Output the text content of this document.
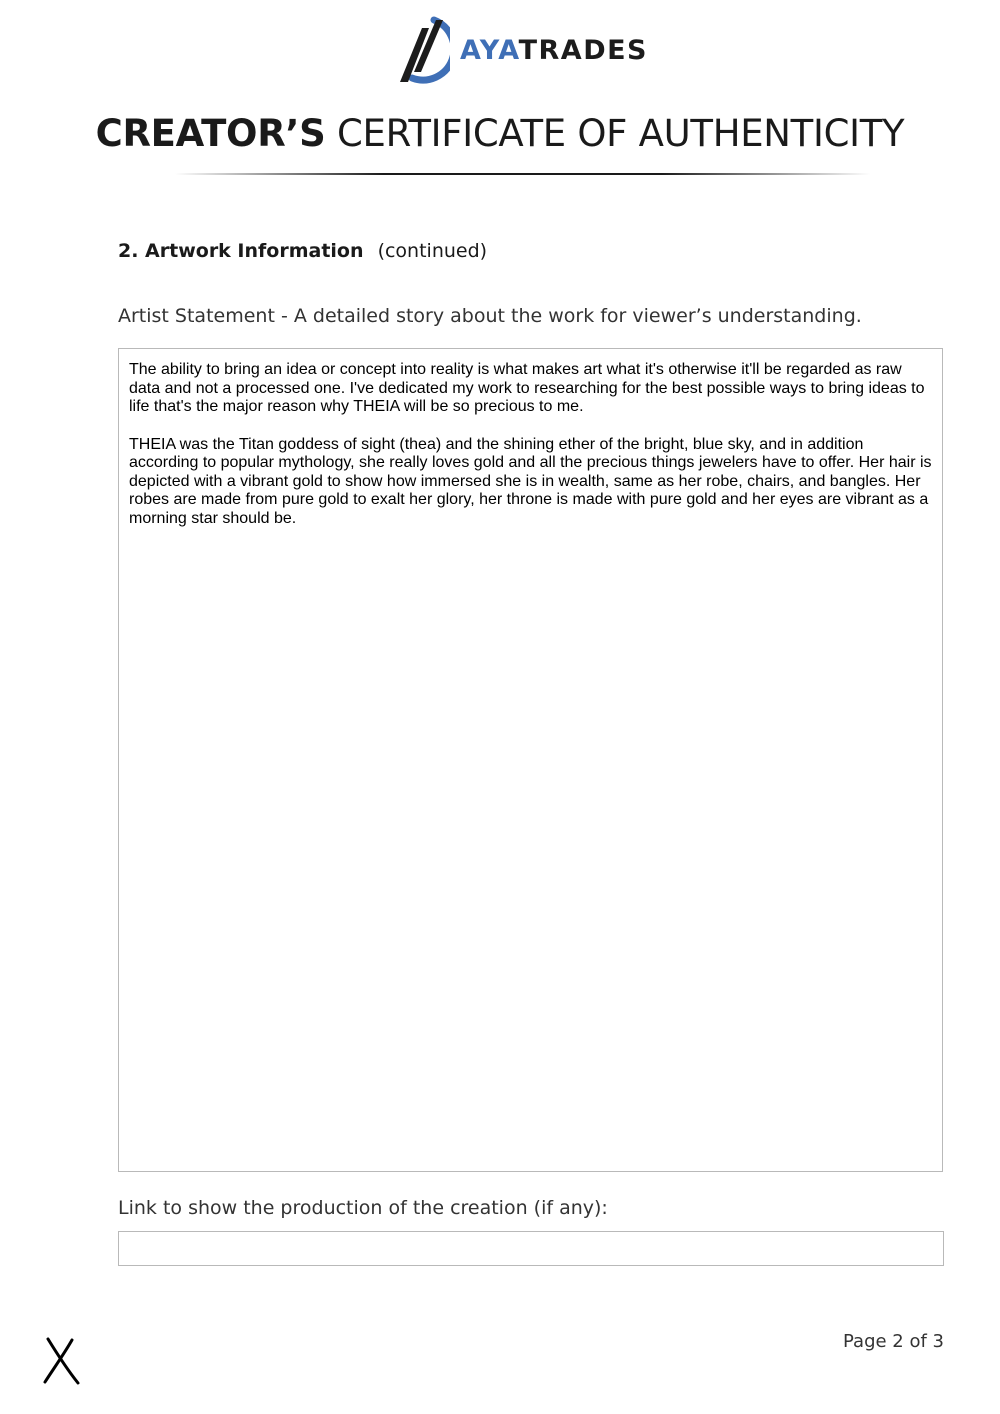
AYATRADES
CREATOR’S CERTIFICATE OF AUTHENTICITY
2. Artwork Information (continued)
Artist Statement - A detailed story about the work for viewer’s understanding.

The ability to bring an idea or concept into reality is what makes art what it's otherwise it'll be regarded as raw data and not a processed one. I've dedicated my work to researching for the best possible ways to bring ideas to life that's the major reason why THEIA will be so precious to me.

THEIA was the Titan goddess of sight (thea) and the shining ether of the bright, blue sky, and in addition according to popular mythology, she really loves gold and all the precious things jewelers have to offer. Her hair is depicted with a vibrant gold to show how immersed she is in wealth, same as her robe, chairs, and bangles. Her robes are made from pure gold to exalt her glory, her throne is made with pure gold and her eyes are vibrant as a morning star should be.

Link to show the production of the creation (if any):
Page 2 of 3
